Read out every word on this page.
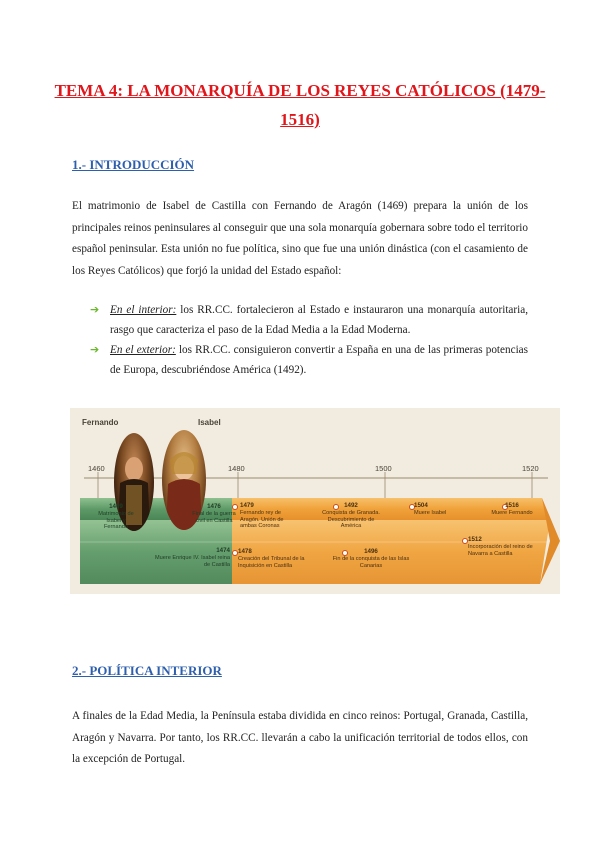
TEMA 4: LA MONARQUÍA DE LOS REYES CATÓLICOS (1479-1516)
1.- INTRODUCCIÓN

El matrimonio de Isabel de Castilla con Fernando de Aragón (1469) prepara la unión de los principales reinos peninsulares al conseguir que una sola monarquía gobernara sobre todo el territorio español peninsular. Esta unión no fue política, sino que fue una unión dinástica (con el casamiento de los Reyes Católicos) que forjó la unidad del Estado español:

➔ En el interior: los RR.CC. fortalecieron al Estado e instauraron una monarquía autoritaria, rasgo que caracteriza el paso de la Edad Media a la Edad Moderna.
➔ En el exterior: los RR.CC. consiguieron convertir a España en una de las primeras potencias de Europa, descubriéndose América (1492).
Fernando	Isabel
1460	1480	1500	1520
1469
Matrimonio de Isabel y Fernando
1476
Final de la guerra civil en Castilla
1479
Fernando rey de Aragón. Unión de ambas Coronas
1492
Conquista de Granada. Descubrimiento de América
1504
Muere Isabel
1516
Muere Fernando
1474
Muere Enrique IV. Isabel reina de Castilla
1478
Creación del Tribunal de la Inquisición en Castilla
1496
Fin de la conquista de las Islas Canarias
1512
Incorporación del reino de Navarra a Castilla
2.- POLÍTICA INTERIOR

A finales de la Edad Media, la Península estaba dividida en cinco reinos: Portugal, Granada, Castilla, Aragón y Navarra. Por tanto, los RR.CC. llevarán a cabo la unificación territorial de todos ellos, con la excepción de Portugal.
